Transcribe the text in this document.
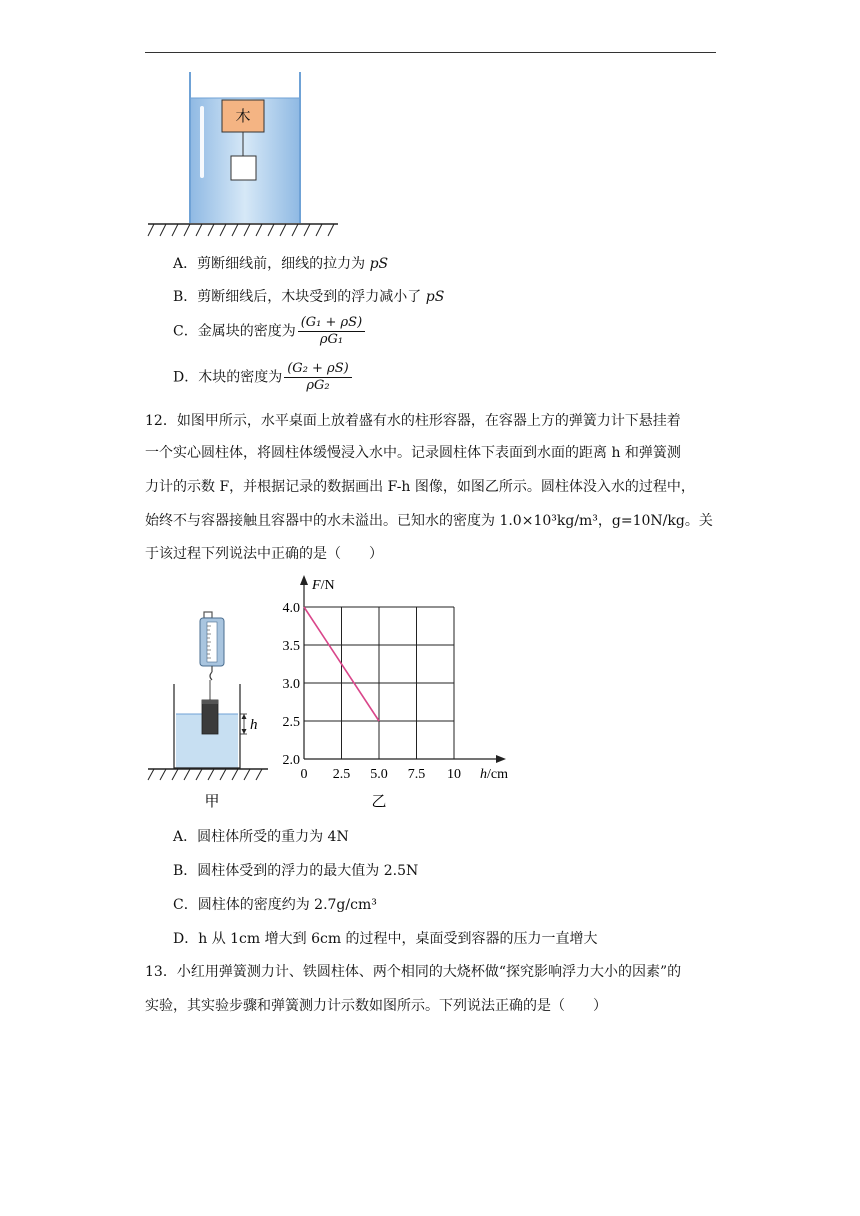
木
A．剪断细线前，细线的拉力为 pS
B．剪断细线后，木块受到的浮力减小了 pS
C．金属块的密度为 $\frac{\text{(G₁ + ρS)}}{\text{ρG₁}}$
D．木块的密度为 $\frac{\text{(G₂ + ρS)}}{\text{ρG₂}}$
12．如图甲所示，水平桌面上放着盛有水的柱形容器，在容器上方的弹簧力计下悬挂着
一个实心圆柱体，将圆柱体缓慢浸入水中。记录圆柱体下表面到水面的距离 h 和弹簧测
力计的示数 F，并根据记录的数据画出 F-h 图像，如图乙所示。圆柱体没入水的过程中，
始终不与容器接触且容器中的水未溢出。已知水的密度为 1.0×10³kg/m³，g=10N/kg。关
于该过程下列说法中正确的是（　　）
h
甲
2.0
2.5
3.0
3.5
4.0
0 2.5 5.0 7.5 10
F/N
h/cm
乙
A．圆柱体所受的重力为 4N
B．圆柱体受到的浮力的最大值为 2.5N
C．圆柱体的密度约为 2.7g/cm³
D．h 从 1cm 增大到 6cm 的过程中，桌面受到容器的压力一直增大
13．小红用弹簧测力计、铁圆柱体、两个相同的大烧杯做“探究影响浮力大小的因素”的
实验，其实验步骤和弹簧测力计示数如图所示。下列说法正确的是（　　）
